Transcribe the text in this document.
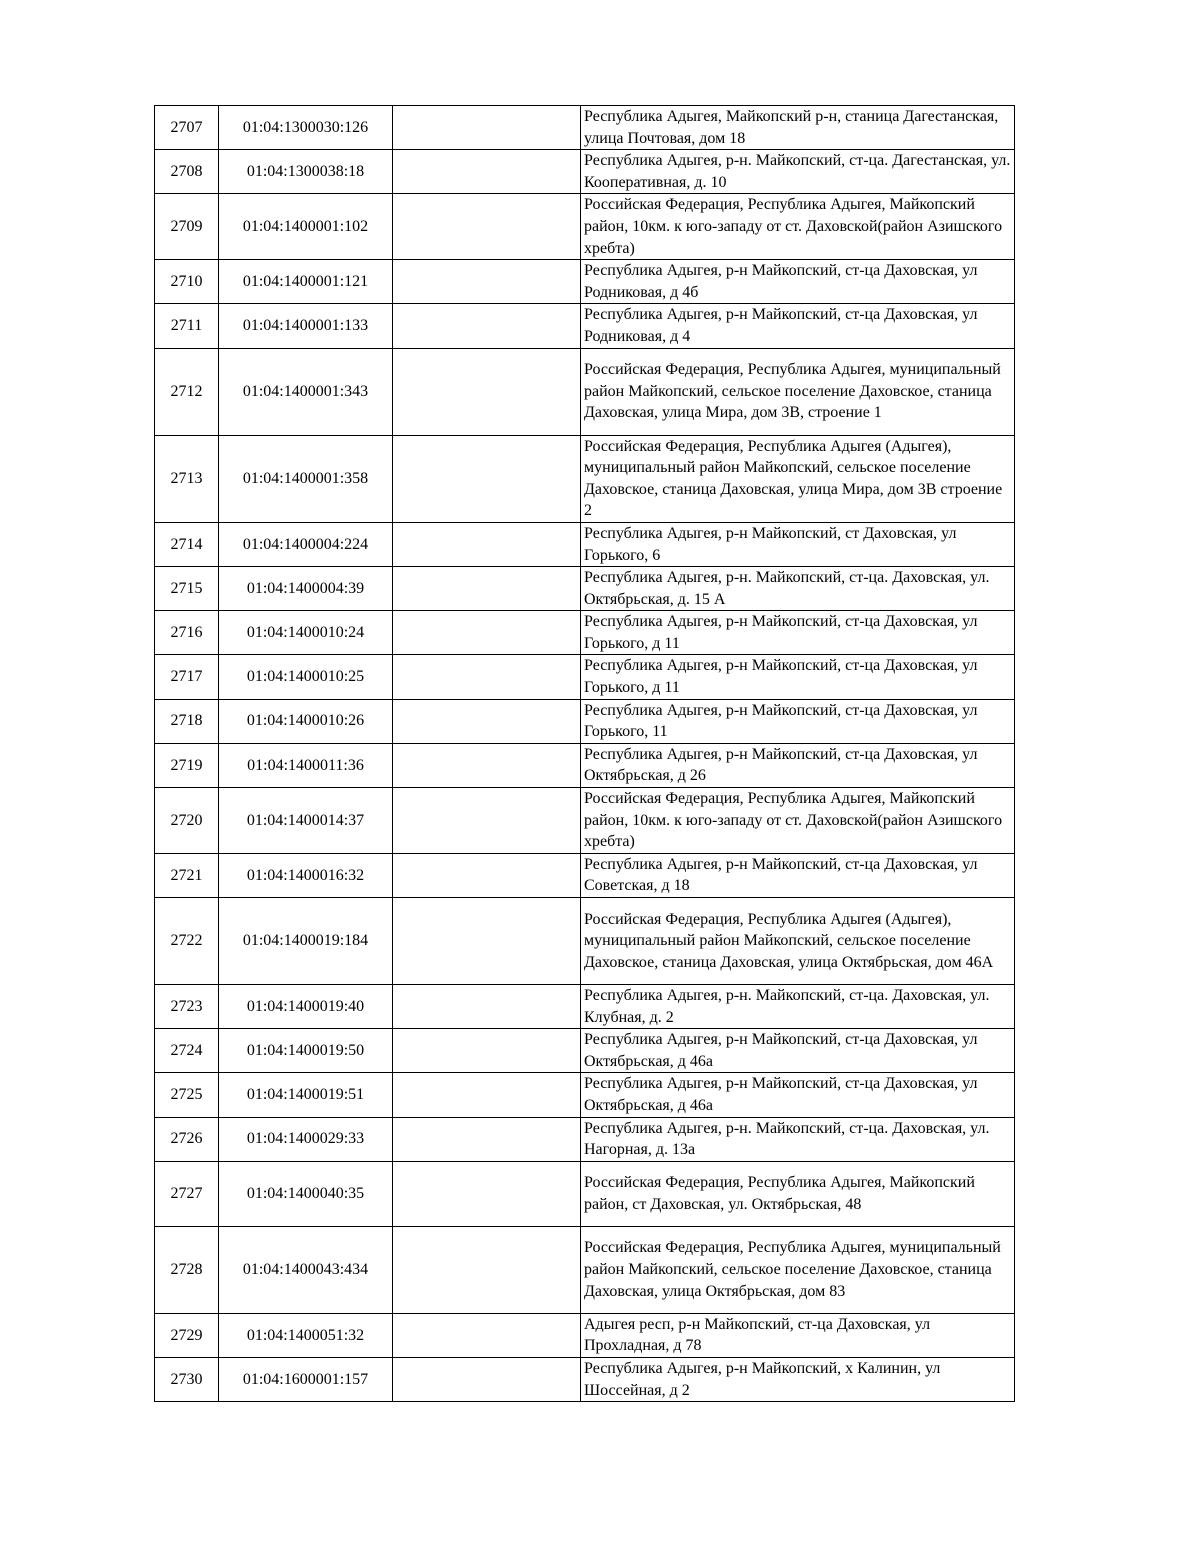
2707	01:04:1300030:126		Республика Адыгея, Майкопский р-н, станица Дагестанская, улица Почтовая, дом 18

2708	01:04:1300038:18		Республика Адыгея, р-н. Майкопский, ст-ца. Дагестанская, ул. Кооперативная, д. 10

2709	01:04:1400001:102		Российская Федерация, Республика Адыгея, Майкопский район, 10км. к юго-западу от ст. Даховской(район Азишского хребта)

2710	01:04:1400001:121		Республика Адыгея, р-н Майкопский, ст-ца Даховская, ул Родниковая, д 4б

2711	01:04:1400001:133		Республика Адыгея, р-н Майкопский, ст-ца Даховская, ул Родниковая, д 4

2712	01:04:1400001:343		Российская Федерация, Республика Адыгея, муниципальный район Майкопский, сельское поселение Даховское, станица Даховская, улица Мира, дом 3В, строение 1

2713	01:04:1400001:358		Российская Федерация, Республика Адыгея (Адыгея), муниципальный район Майкопский, сельское поселение Даховское, станица Даховская, улица Мира, дом 3В строение 2

2714	01:04:1400004:224		Республика Адыгея, р-н Майкопский, ст Даховская, ул Горького, 6

2715	01:04:1400004:39		Республика Адыгея, р-н. Майкопский, ст-ца. Даховская, ул. Октябрьская, д. 15 А

2716	01:04:1400010:24		Республика Адыгея, р-н Майкопский, ст-ца Даховская, ул Горького, д 11

2717	01:04:1400010:25		Республика Адыгея, р-н Майкопский, ст-ца Даховская, ул Горького, д 11

2718	01:04:1400010:26		Республика Адыгея, р-н Майкопский, ст-ца Даховская, ул Горького, 11

2719	01:04:1400011:36		Республика Адыгея, р-н Майкопский, ст-ца Даховская, ул Октябрьская, д 26

2720	01:04:1400014:37		Российская Федерация, Республика Адыгея, Майкопский район, 10км. к юго-западу от ст. Даховской(район Азишского хребта)

2721	01:04:1400016:32		Республика Адыгея, р-н Майкопский, ст-ца Даховская, ул Советская, д 18

2722	01:04:1400019:184		Российская Федерация, Республика Адыгея (Адыгея), муниципальный район Майкопский, сельское поселение Даховское, станица Даховская, улица Октябрьская, дом 46А

2723	01:04:1400019:40		Республика Адыгея, р-н. Майкопский, ст-ца. Даховская, ул. Клубная, д. 2

2724	01:04:1400019:50		Республика Адыгея, р-н Майкопский, ст-ца Даховская, ул Октябрьская, д 46а

2725	01:04:1400019:51		Республика Адыгея, р-н Майкопский, ст-ца Даховская, ул Октябрьская, д 46а

2726	01:04:1400029:33		Республика Адыгея, р-н. Майкопский, ст-ца. Даховская, ул. Нагорная, д. 13а

2727	01:04:1400040:35		Российская Федерация, Республика Адыгея, Майкопский район, ст Даховская, ул. Октябрьская, 48

2728	01:04:1400043:434		Российская Федерация, Республика Адыгея, муниципальный район Майкопский, сельское поселение Даховское, станица Даховская, улица Октябрьская, дом 83

2729	01:04:1400051:32		Адыгея респ, р-н Майкопский, ст-ца Даховская, ул Прохладная, д 78

2730	01:04:1600001:157		Республика Адыгея, р-н Майкопский, х Калинин, ул Шоссейная, д 2
